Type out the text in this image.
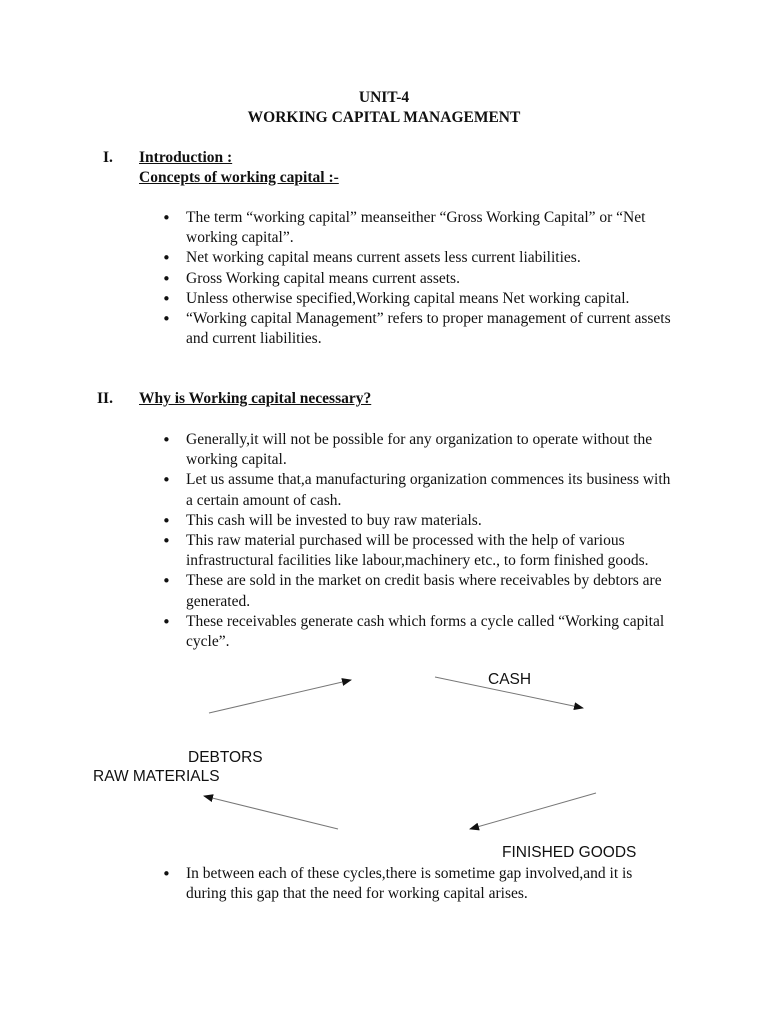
UNIT-4
WORKING CAPITAL MANAGEMENT
I. Introduction :
Concepts of working capital :-
• The term “working capital” meanseither “Gross Working Capital” or “Net working capital”.
• Net working capital means current assets less current liabilities.
• Gross Working capital means current assets.
• Unless otherwise specified,Working capital means Net working capital.
• “Working capital Management” refers to proper management of current assets and current liabilities.
II. Why is Working capital necessary?
• Generally,it will not be possible for any organization to operate without the working capital.
• Let us assume that,a manufacturing organization commences its business with a certain amount of cash.
• This cash will be invested to buy raw materials.
• This raw material purchased will be processed with the help of various infrastructural facilities like labour,machinery etc., to form finished goods.
• These are sold in the market on credit basis where receivables by debtors are generated.
• These receivables generate cash which forms a cycle called “Working capital cycle”.
CASH
DEBTORS
RAW MATERIALS
FINISHED GOODS
• In between each of these cycles,there is sometime gap involved,and it is during this gap that the need for working capital arises.
